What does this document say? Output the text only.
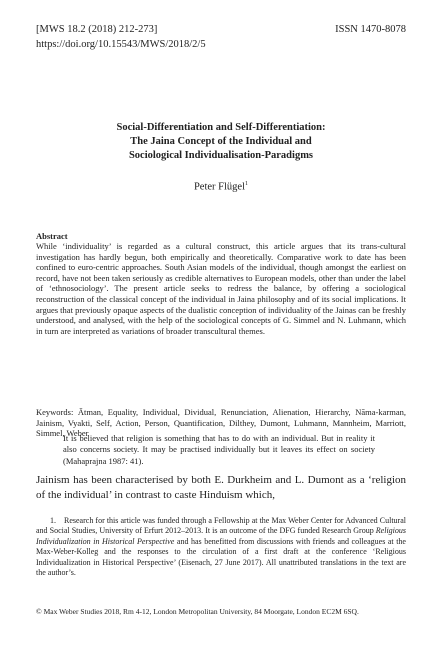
[MWS 18.2 (2018) 212-273]
https://doi.org/10.15543/MWS/2018/2/5
ISSN 1470-8078
Social-Differentiation and Self-Differentiation:
The Jaina Concept of the Individual and
Sociological Individualisation-Paradigms
Peter Flügel$^1$
Abstract
While ‘individuality’ is regarded as a cultural construct, this article argues that its trans-cultural investigation has hardly begun, both empirically and theoretically. Comparative work to date has been confined to euro-centric approaches. South Asian models of the individual, though amongst the earliest on record, have not been taken seriously as credible alternatives to European models, other than under the label of ‘ethnosociology’. The present article seeks to redress the balance, by offering a sociological reconstruction of the classical concept of the individual in Jaina philosophy and of its social implications. It argues that previously opaque aspects of the dualistic conception of individuality of the Jainas can be freshly understood, and analysed, with the help of the sociological concepts of G. Simmel and N. Luhmann, which in turn are interpreted as variations of broader transcultural themes.
Keywords: Ātman, Equality, Individual, Dividual, Renunciation, Alienation, Hierarchy, Nāma-karman, Jainism, Vyakti, Self, Action, Person, Quantification, Dilthey, Dumont, Luhmann, Mannheim, Marriott, Simmel, Weber
It is believed that religion is something that has to do with an individual. But in reality it also concerns society. It may be practised individually but it leaves its effect on society (Mahaprajna 1987: 41).
Jainism has been characterised by both E. Durkheim and L. Dumont as a ‘religion of the individual’ in contrast to caste Hinduism which,
1. Research for this article was funded through a Fellowship at the Max Weber Center for Advanced Cultural and Social Studies, University of Erfurt 2012–2013. It is an outcome of the DFG funded Research Group Religious Individualization in Historical Perspective and has benefitted from discussions with friends and colleagues at the Max-Weber-Kolleg and the responses to the circulation of a first draft at the conference ‘Religious Individualization in Historical Perspective’ (Eisenach, 27 June 2017). All unattributed translations in the text are the author’s.
© Max Weber Studies 2018, Rm 4-12, London Metropolitan University, 84 Moorgate, London EC2M 6SQ.
